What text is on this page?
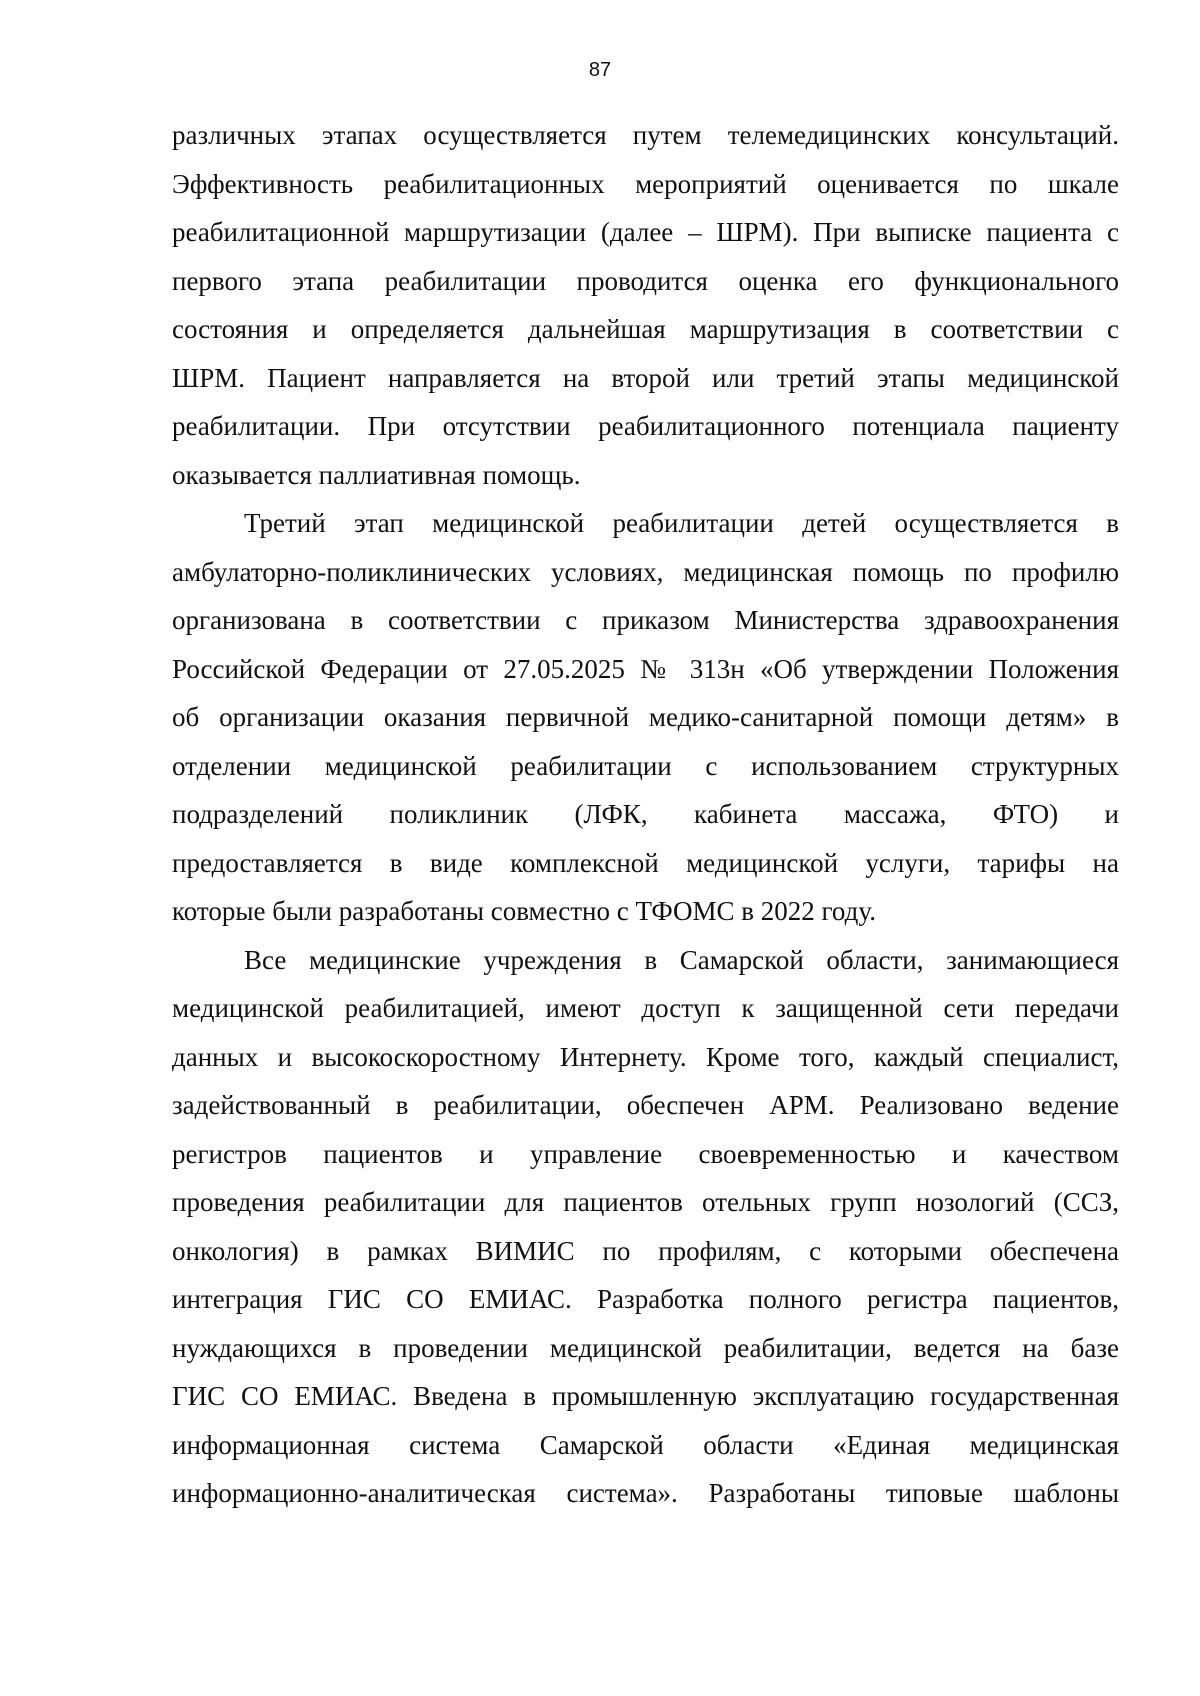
87
различных этапах осуществляется путем телемедицинских консультаций.
Эффективность реабилитационных мероприятий оценивается по шкале
реабилитационной маршрутизации (далее – ШРМ). При выписке пациента с
первого этапа реабилитации проводится оценка его функционального
состояния и определяется дальнейшая маршрутизация в соответствии с
ШРМ. Пациент направляется на второй или третий этапы медицинской
реабилитации. При отсутствии реабилитационного потенциала пациенту
оказывается паллиативная помощь.
Третий этап медицинской реабилитации детей осуществляется в
амбулаторно-поликлинических условиях, медицинская помощь по профилю
организована в соответствии с приказом Министерства здравоохранения
Российской Федерации от 27.05.2025 № 313н «Об утверждении Положения
об организации оказания первичной медико-санитарной помощи детям» в
отделении медицинской реабилитации с использованием структурных
подразделений поликлиник (ЛФК, кабинета массажа, ФТО) и
предоставляется в виде комплексной медицинской услуги, тарифы на
которые были разработаны совместно с ТФОМС в 2022 году.
Все медицинские учреждения в Самарской области, занимающиеся
медицинской реабилитацией, имеют доступ к защищенной сети передачи
данных и высокоскоростному Интернету. Кроме того, каждый специалист,
задействованный в реабилитации, обеспечен АРМ. Реализовано ведение
регистров пациентов и управление своевременностью и качеством
проведения реабилитации для пациентов отельных групп нозологий (ССЗ,
онкология) в рамках ВИМИС по профилям, с которыми обеспечена
интеграция ГИС СО ЕМИАС. Разработка полного регистра пациентов,
нуждающихся в проведении медицинской реабилитации, ведется на базе
ГИС СО ЕМИАС. Введена в промышленную эксплуатацию государственная
информационная система Самарской области «Единая медицинская
информационно-аналитическая система». Разработаны типовые шаблоны
